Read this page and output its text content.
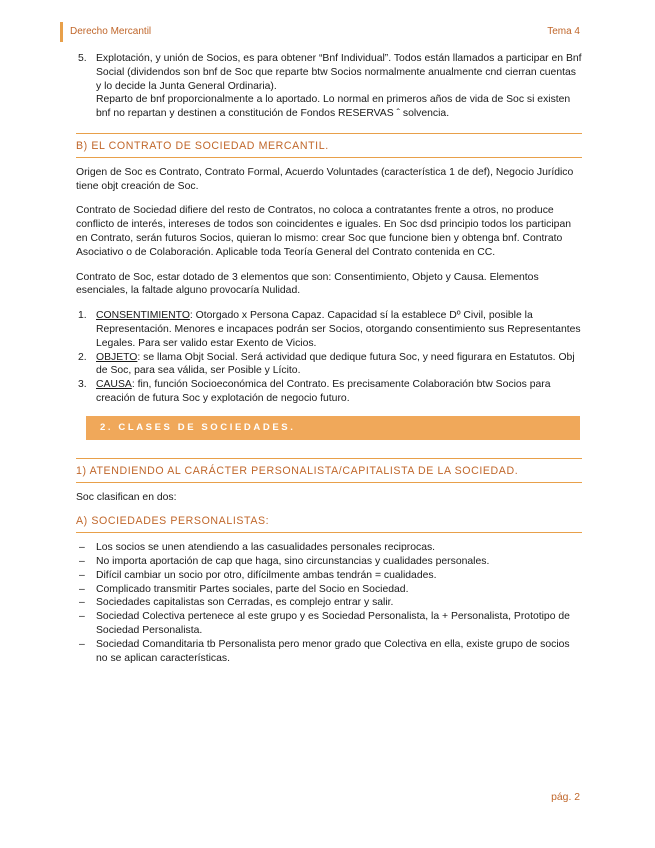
Derecho Mercantil	Tema 4
5. Explotación, y unión de Socios, es para obtener “Bnf Individual”. Todos están llamados a participar en Bnf Social (dividendos son bnf de Soc que reparte btw Socios normalmente anualmente cnd cierran cuentas y lo decide la Junta General Ordinaria).
Reparto de bnf proporcionalmente a lo aportado. Lo normal en primeros años de vida de Soc si existen bnf no repartan y destinen a constitución de Fondos RESERVAS ˆ solvencia.
B) EL CONTRATO DE SOCIEDAD MERCANTIL.

Origen de Soc es Contrato, Contrato Formal, Acuerdo Voluntades (característica 1 de def), Negocio Jurídico tiene objt creación de Soc.

Contrato de Sociedad difiere del resto de Contratos, no coloca a contratantes frente a otros, no produce conflicto de interés, intereses de todos son coincidentes e iguales. En Soc dsd principio todos los participan en Contrato, serán futuros Socios, quieran lo mismo: crear Soc que funcione bien y obtenga bnf. Contrato Asociativo o de Colaboración. Aplicable toda Teoría General del Contrato contenida en CC.

Contrato de Soc, estar dotado de 3 elementos que son: Consentimiento, Objeto y Causa. Elementos esenciales, la faltade alguno provocaría Nulidad.

1. CONSENTIMIENTO: Otorgado x Persona Capaz. Capacidad sí la establece Dº Civil, posible la Representación. Menores e incapaces podrán ser Socios, otorgando consentimiento sus Representantes Legales. Para ser valido estar Exento de Vicios.
2. OBJETO: se llama Objt Social. Será actividad que dedique futura Soc, y need figurara en Estatutos. Obj de Soc, para sea válida, ser Posible y Lícito.
3. CAUSA: fin, función Socioeconómica del Contrato. Es precisamente Colaboración btw Socios para creación de futura Soc y explotación de negocio futuro.
2. CLASES DE SOCIEDADES.
1) ATENDIENDO AL CARÁCTER PERSONALISTA/CAPITALISTA DE LA SOCIEDAD.

Soc clasifican en dos:

A) SOCIEDADES PERSONALISTAS:
– Los socios se unen atendiendo a las casualidades personales reciprocas.
– No importa aportación de cap que haga, sino circunstancias y cualidades personales.
– Difícil cambiar un socio por otro, difícilmente ambas tendrán = cualidades.
– Complicado transmitir Partes sociales, parte del Socio en Sociedad.
– Sociedades capitalistas son Cerradas, es complejo entrar y salir.
– Sociedad Colectiva pertenece al este grupo y es Sociedad Personalista, la + Personalista, Prototipo de Sociedad Personalista.
– Sociedad Comanditaria tb Personalista pero menor grado que Colectiva en ella, existe grupo de socios no se aplican características.
pág. 2
